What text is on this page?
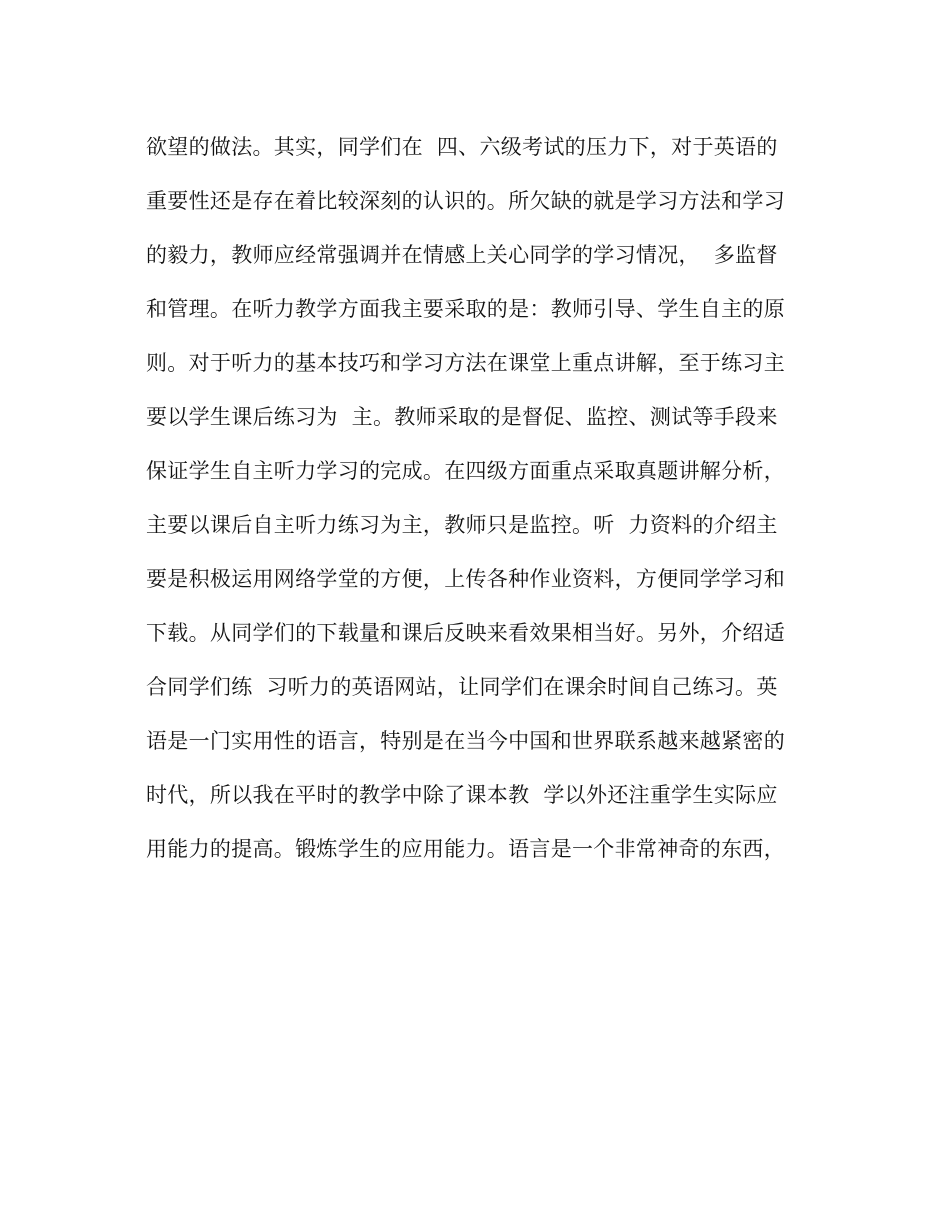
欲望的做法。其实，同学们在  四、六级考试的压力下，对于英语的
重要性还是存在着比较深刻的认识的。所欠缺的就是学习方法和学习
的毅力，教师应经常强调并在情感上关心同学的学习情况，  多监督
和管理。在听力教学方面我主要采取的是：教师引导、学生自主的原
则。对于听力的基本技巧和学习方法在课堂上重点讲解，至于练习主
要以学生课后练习为  主。教师采取的是督促、监控、测试等手段来
保证学生自主听力学习的完成。在四级方面重点采取真题讲解分析，
主要以课后自主听力练习为主，教师只是监控。听  力资料的介绍主
要是积极运用网络学堂的方便，上传各种作业资料，方便同学学习和
下载。从同学们的下载量和课后反映来看效果相当好。另外，介绍适
合同学们练  习听力的英语网站，让同学们在课余时间自己练习。英
语是一门实用性的语言，特别是在当今中国和世界联系越来越紧密的
时代，所以我在平时的教学中除了课本教  学以外还注重学生实际应
用能力的提高。锻炼学生的应用能力。语言是一个非常神奇的东西，
